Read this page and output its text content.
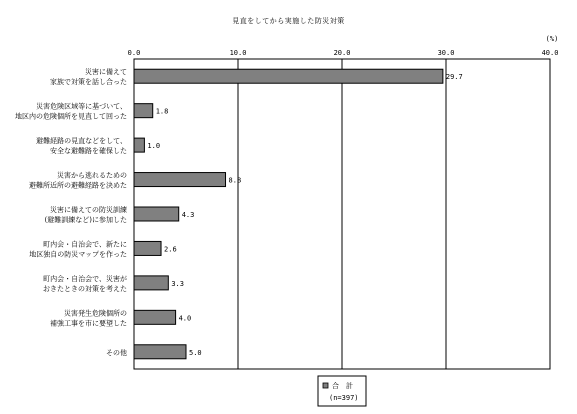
見直をしてから実施した防災対策
0.0	10.0	20.0	30.0	40.0
(%)
29.7
災害に備えて
家族で対策を話し合った
1.8
災害危険区域等に基づいて、
地区内の危険個所を見直して回った
1.0
避難経路の見直などをして、
安全な避難路を確保した
8.8
災害から逃れるための
避難所近所の避難経路を決めた
4.3
災害に備えての防災訓練
(避難訓練など)に参加した
2.6
町内会・自治会で、新たに
地区独自の防災マップを作った
3.3
町内会・自治会で、災害が
おきたときの対策を考えた
4.0
災害発生危険個所の
補強工事を市に要望した
5.0
その他
合　計
(n=397)
